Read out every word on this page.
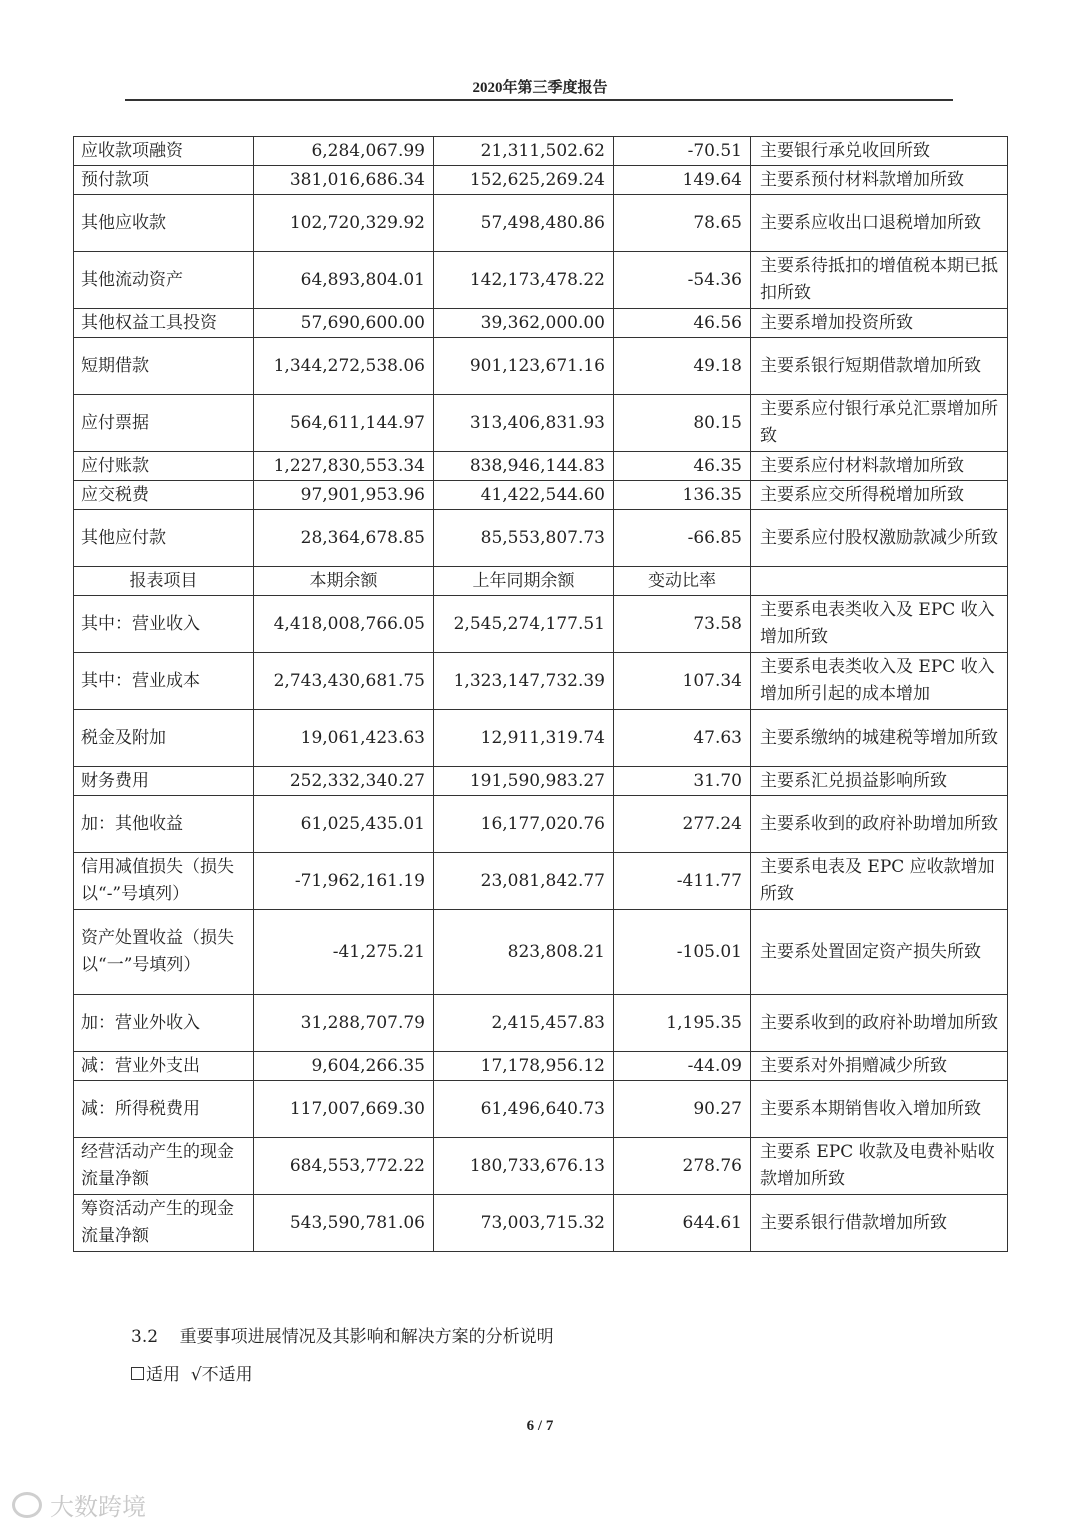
2020年第三季度报告
应收款项融资	6,284,067.99	21,311,502.62	-70.51	主要银行承兑收回所致
预付款项	381,016,686.34	152,625,269.24	149.64	主要系预付材料款增加所致
其他应收款	102,720,329.92	57,498,480.86	78.65	主要系应收出口退税增加所致
其他流动资产	64,893,804.01	142,173,478.22	-54.36	主要系待抵扣的增值税本期已抵扣所致
其他权益工具投资	57,690,600.00	39,362,000.00	46.56	主要系增加投资所致
短期借款	1,344,272,538.06	901,123,671.16	49.18	主要系银行短期借款增加所致
应付票据	564,611,144.97	313,406,831.93	80.15	主要系应付银行承兑汇票增加所致
应付账款	1,227,830,553.34	838,946,144.83	46.35	主要系应付材料款增加所致
应交税费	97,901,953.96	41,422,544.60	136.35	主要系应交所得税增加所致
其他应付款	28,364,678.85	85,553,807.73	-66.85	主要系应付股权激励款减少所致
报表项目	本期余额	上年同期余额	变动比率	
其中：营业收入	4,418,008,766.05	2,545,274,177.51	73.58	主要系电表类收入及 EPC 收入增加所致
其中：营业成本	2,743,430,681.75	1,323,147,732.39	107.34	主要系电表类收入及 EPC 收入增加所引起的成本增加
税金及附加	19,061,423.63	12,911,319.74	47.63	主要系缴纳的城建税等增加所致
财务费用	252,332,340.27	191,590,983.27	31.70	主要系汇兑损益影响所致
加：其他收益	61,025,435.01	16,177,020.76	277.24	主要系收到的政府补助增加所致
信用减值损失（损失以“-”号填列）	-71,962,161.19	23,081,842.77	-411.77	主要系电表及 EPC 应收款增加所致
资产处置收益（损失以“一”号填列）	-41,275.21	823,808.21	-105.01	主要系处置固定资产损失所致
加：营业外收入	31,288,707.79	2,415,457.83	1,195.35	主要系收到的政府补助增加所致
减：营业外支出	9,604,266.35	17,178,956.12	-44.09	主要系对外捐赠减少所致
减：所得税费用	117,007,669.30	61,496,640.73	90.27	主要系本期销售收入增加所致
经营活动产生的现金流量净额	684,553,772.22	180,733,676.13	278.76	主要系 EPC 收款及电费补贴收款增加所致
筹资活动产生的现金流量净额	543,590,781.06	73,003,715.32	644.61	主要系银行借款增加所致
3.2 重要事项进展情况及其影响和解决方案的分析说明
适用 √不适用
6 / 7
大数跨境
